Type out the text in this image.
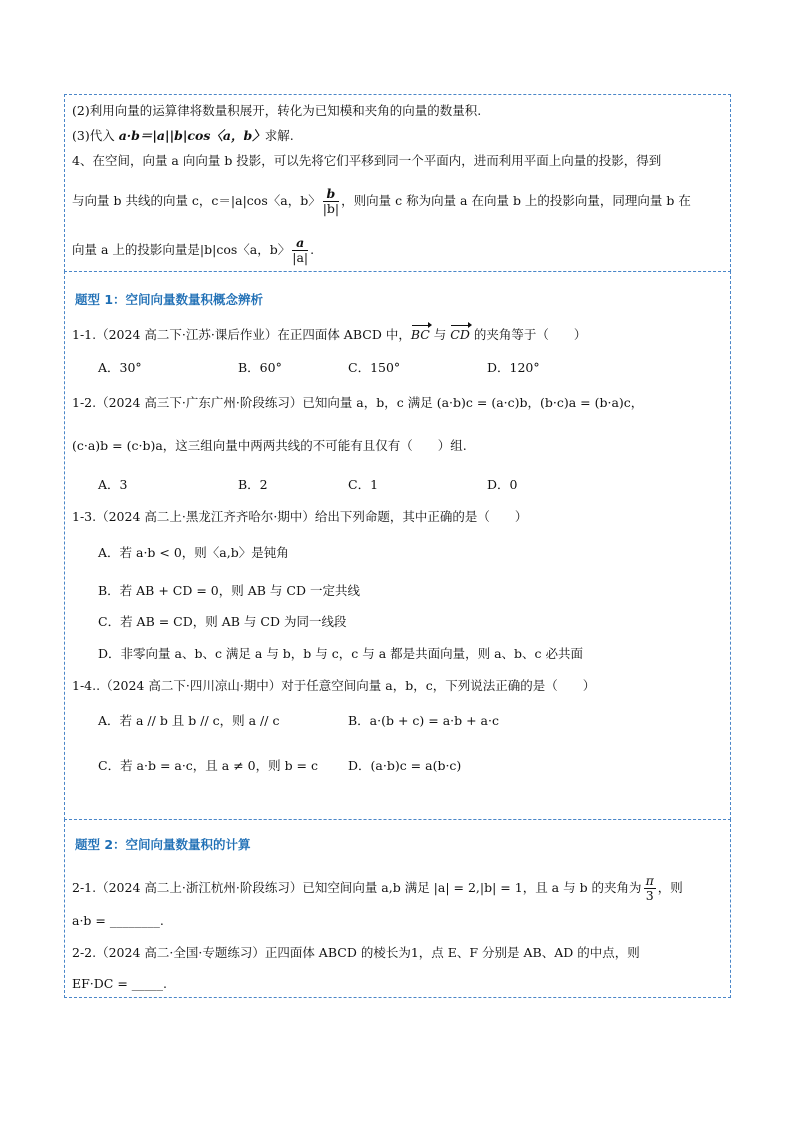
(2)利用向量的运算律将数量积展开，转化为已知模和夹角的向量的数量积.
(3)代入 a·b＝|a||b|cos〈a，b〉求解.
4、在空间，向量 a 向向量 b 投影，可以先将它们平移到同一个平面内，进而利用平面上向量的投影，得到
与向量 b 共线的向量 c，c＝|a|cos〈a，b〉 $\frac{b}{|b|}$ ，则向量 c 称为向量 a 在向量 b 上的投影向量，同理向量 b 在
向量 a 上的投影向量是|b|cos〈a，b〉 $\frac{a}{|a|}$ .
题型 1：空间向量数量积概念辨析
1-1.（2024 高二下·江苏·课后作业）在正四面体 ABCD 中，BC 与 CD 的夹角等于（　　）
A．30°	B．60°	C．150°	D．120°
1-2.（2024 高三下·广东广州·阶段练习）已知向量 a，b，c 满足 (a·b)c = (a·c)b，(b·c)a = (b·a)c，
(c·a)b = (c·b)a，这三组向量中两两共线的不可能有且仅有（　　）组.
A．3	B．2	C．1	D．0
1-3.（2024 高二上·黑龙江齐齐哈尔·期中）给出下列命题，其中正确的是（　　）
A．若 a·b < 0，则〈a,b〉是钝角
B．若 AB + CD = 0，则 AB 与 CD 一定共线
C．若 AB = CD，则 AB 与 CD 为同一线段
D．非零向量 a、b、c 满足 a 与 b，b 与 c，c 与 a 都是共面向量，则 a、b、c 必共面
1-4..（2024 高二下·四川凉山·期中）对于任意空间向量 a，b，c，下列说法正确的是（　　）
A．若 a // b 且 b // c，则 a // c	B．a·(b + c) = a·b + a·c
C．若 a·b = a·c，且 a ≠ 0，则 b = c D．(a·b)c = a(b·c)
题型 2：空间向量数量积的计算
2-1.（2024 高二上·浙江杭州·阶段练习）已知空间向量 a,b 满足 |a| = 2,|b| = 1，且 a 与 b 的夹角为 $\frac{\pi}{3}$ ，则
a·b = ________.
2-2.（2024 高二·全国·专题练习）正四面体 ABCD 的棱长为1，点 E、F 分别是 AB、AD 的中点，则
EF·DC = _____.
